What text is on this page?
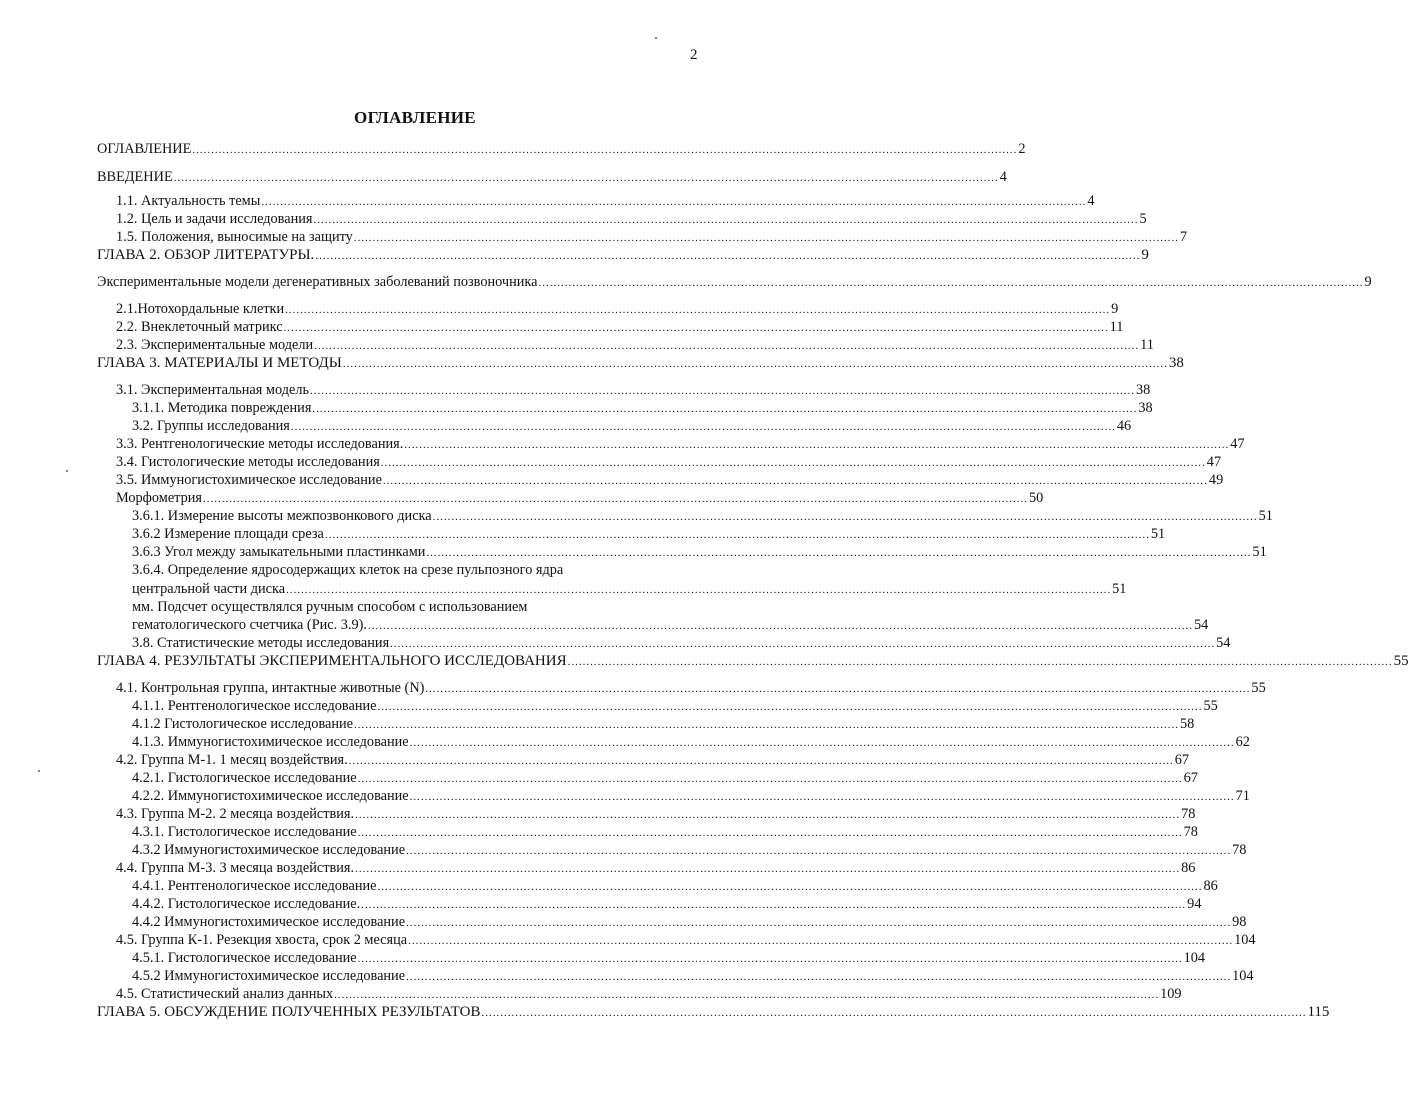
2
ОГЛАВЛЕНИЕ
ОГЛАВЛЕНИЕ ............................................................................................................................................................................................................................ 2
ВВЕДЕНИЕ ............................................................................................................................................................................................................................ 4
1.1. Актуальность темы ............................................................................................................................................................................................................................ 4
1.2. Цель и задачи исследования ............................................................................................................................................................................................................................ 5
1.5. Положения, выносимые на защиту ............................................................................................................................................................................................................................ 7
ГЛАВА 2. ОБЗОР ЛИТЕРАТУРЫ. ............................................................................................................................................................................................................................ 9
Экспериментальные модели дегенеративных заболеваний позвоночника ............................................................................................................................................................................................................................ 9
2.1.Нотохордальные клетки ............................................................................................................................................................................................................................ 9
2.2. Внеклеточный матрикс ............................................................................................................................................................................................................................ 11
2.3. Экспериментальные модели ............................................................................................................................................................................................................................ 11
ГЛАВА 3. МАТЕРИАЛЫ И МЕТОДЫ ............................................................................................................................................................................................................................ 38
3.1. Экспериментальная модель ............................................................................................................................................................................................................................ 38
3.1.1. Методика повреждения ............................................................................................................................................................................................................................ 38
3.2. Группы исследования ............................................................................................................................................................................................................................ 46
3.3. Рентгенологические методы исследования. ............................................................................................................................................................................................................................ 47
3.4. Гистологические методы исследования ............................................................................................................................................................................................................................ 47
3.5. Иммуногистохимическое исследование ............................................................................................................................................................................................................................ 49
Морфометрия ............................................................................................................................................................................................................................ 50
3.6.1. Измерение высоты межпозвонкового диска ............................................................................................................................................................................................................................ 51
3.6.2 Измерение площади среза ............................................................................................................................................................................................................................ 51
3.6.3 Угол между замыкательными пластинками ............................................................................................................................................................................................................................ 51
3.6.4. Определение ядросодержащих клеток на срезе пульпозного ядра
центральной части диска ............................................................................................................................................................................................................................ 51
мм. Подсчет осуществлялся ручным способом с использованием
гематологического счетчика (Рис. 3.9). ............................................................................................................................................................................................................................ 54
3.8. Статистические методы исследования ............................................................................................................................................................................................................................ 54
ГЛАВА 4. РЕЗУЛЬТАТЫ ЭКСПЕРИМЕНТАЛЬНОГО ИССЛЕДОВАНИЯ ............................................................................................................................................................................................................................ 55
4.1. Контрольная группа, интактные животные (N) ............................................................................................................................................................................................................................ 55
4.1.1. Рентгенологическое исследование ............................................................................................................................................................................................................................ 55
4.1.2 Гистологическое исследование ............................................................................................................................................................................................................................ 58
4.1.3. Иммуногистохимическое исследование ............................................................................................................................................................................................................................ 62
4.2. Группа М-1. 1 месяц воздействия. ............................................................................................................................................................................................................................ 67
4.2.1. Гистологическое исследование ............................................................................................................................................................................................................................ 67
4.2.2. Иммуногистохимическое исследование ............................................................................................................................................................................................................................ 71
4.3. Группа М-2. 2 месяца воздействия. ............................................................................................................................................................................................................................ 78
4.3.1. Гистологическое исследование ............................................................................................................................................................................................................................ 78
4.3.2 Иммуногистохимическое исследование ............................................................................................................................................................................................................................ 78
4.4. Группа М-3. 3 месяца воздействия. ............................................................................................................................................................................................................................ 86
4.4.1. Рентгенологическое исследование ............................................................................................................................................................................................................................ 86
4.4.2. Гистологическое исследование. ............................................................................................................................................................................................................................ 94
4.4.2 Иммуногистохимическое исследование ............................................................................................................................................................................................................................ 98
4.5. Группа К-1. Резекция хвоста, срок 2 месяца ............................................................................................................................................................................................................................ 104
4.5.1. Гистологическое исследование ............................................................................................................................................................................................................................ 104
4.5.2 Иммуногистохимическое исследование ............................................................................................................................................................................................................................ 104
4.5. Статистический анализ данных ............................................................................................................................................................................................................................ 109
ГЛАВА 5. ОБСУЖДЕНИЕ ПОЛУЧЕННЫХ РЕЗУЛЬТАТОВ ............................................................................................................................................................................................................................ 115
